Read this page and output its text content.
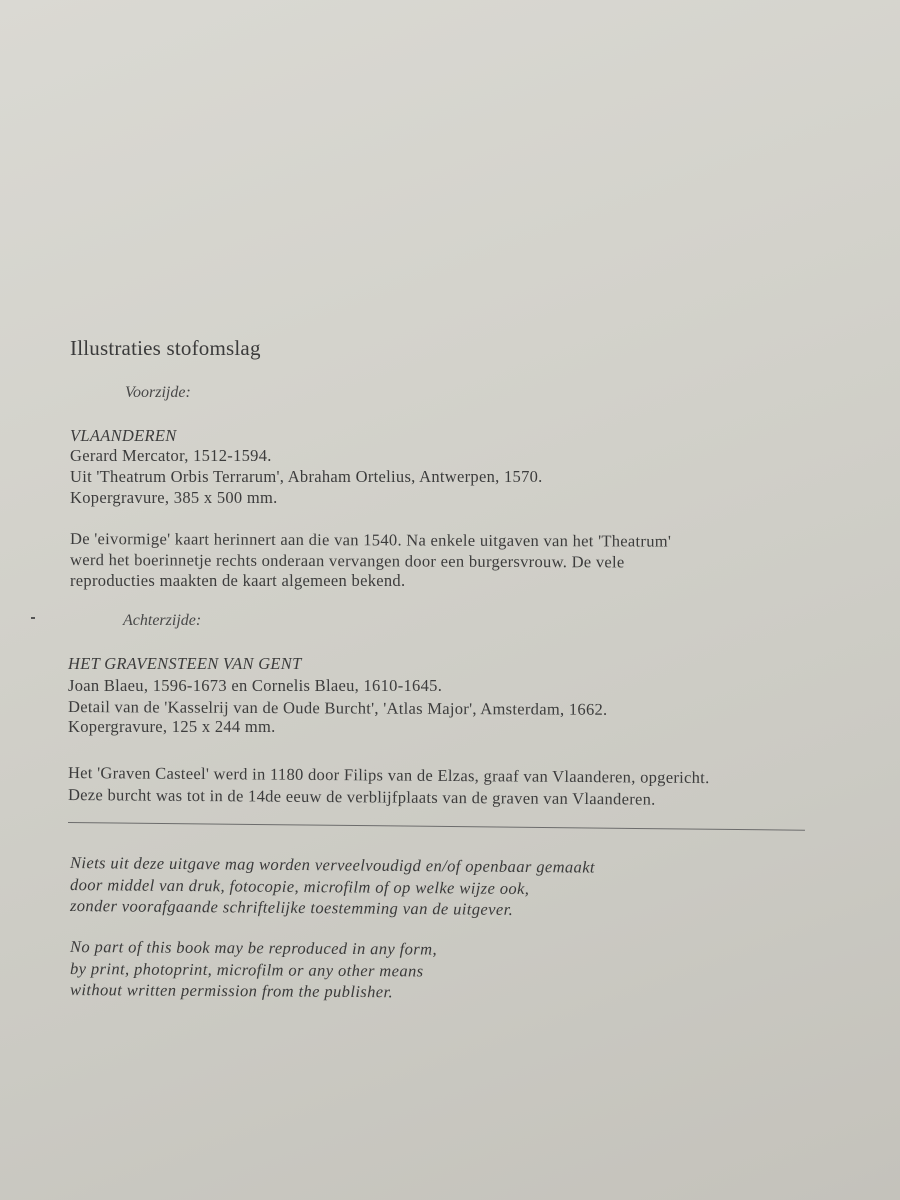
Illustraties stofomslag
Voorzijde:
VLAANDEREN
Gerard Mercator, 1512-1594.
Uit 'Theatrum Orbis Terrarum', Abraham Ortelius, Antwerpen, 1570.
Kopergravure, 385 x 500 mm.
De 'eivormige' kaart herinnert aan die van 1540. Na enkele uitgaven van het 'Theatrum'
werd het boerinnetje rechts onderaan vervangen door een burgersvrouw. De vele
reproducties maakten de kaart algemeen bekend.
Achterzijde:
HET GRAVENSTEEN VAN GENT
Joan Blaeu, 1596-1673 en Cornelis Blaeu, 1610-1645.
Detail van de 'Kasselrij van de Oude Burcht', 'Atlas Major', Amsterdam, 1662.
Kopergravure, 125 x 244 mm.
Het 'Graven Casteel' werd in 1180 door Filips van de Elzas, graaf van Vlaanderen, opgericht.
Deze burcht was tot in de 14de eeuw de verblijfplaats van de graven van Vlaanderen.
Niets uit deze uitgave mag worden verveelvoudigd en/of openbaar gemaakt
door middel van druk, fotocopie, microfilm of op welke wijze ook,
zonder voorafgaande schriftelijke toestemming van de uitgever.
No part of this book may be reproduced in any form,
by print, photoprint, microfilm or any other means
without written permission from the publisher.
